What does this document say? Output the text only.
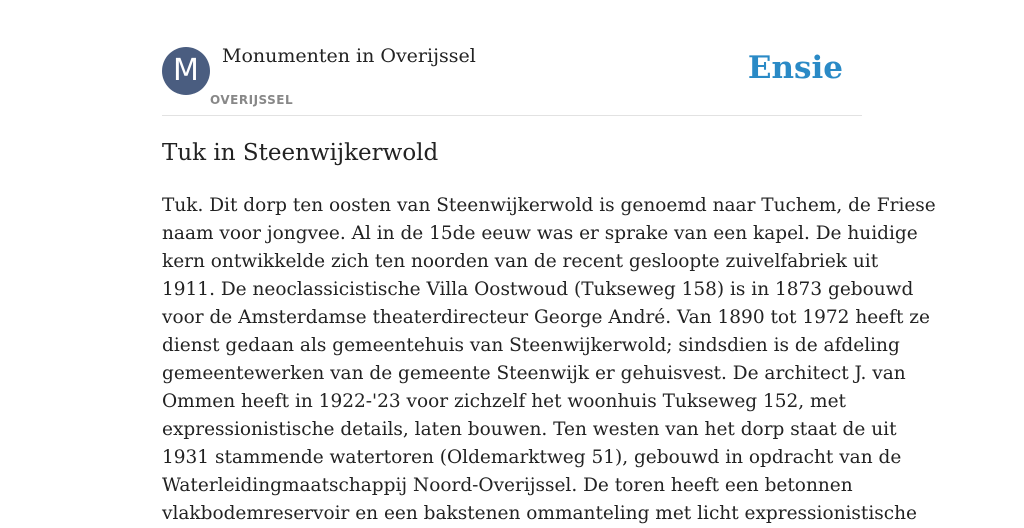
M	Monumenten in Overijssel
OVERIJSSEL
Ensie
Tuk in Steenwijkerwold
Tuk. Dit dorp ten oosten van Steenwijkerwold is genoemd naar Tuchem, de Friese
naam voor jongvee. Al in de 15de eeuw was er sprake van een kapel. De huidige
kern ontwikkelde zich ten noorden van de recent gesloopte zuivelfabriek uit
1911. De neoclassicistische Villa Oostwoud (Tukseweg 158) is in 1873 gebouwd
voor de Amsterdamse theaterdirecteur George André. Van 1890 tot 1972 heeft ze
dienst gedaan als gemeentehuis van Steenwijkerwold; sindsdien is de afdeling
gemeentewerken van de gemeente Steenwijk er gehuisvest. De architect J. van
Ommen heeft in 1922-'23 voor zichzelf het woonhuis Tukseweg 152, met
expressionistische details, laten bouwen. Ten westen van het dorp staat de uit
1931 stammende watertoren (Oldemarktweg 51), gebouwd in opdracht van de
Waterleidingmaatschappij Noord-Overijssel. De toren heeft een betonnen
vlakbodemreservoir en een bakstenen ommanteling met licht expressionistische
